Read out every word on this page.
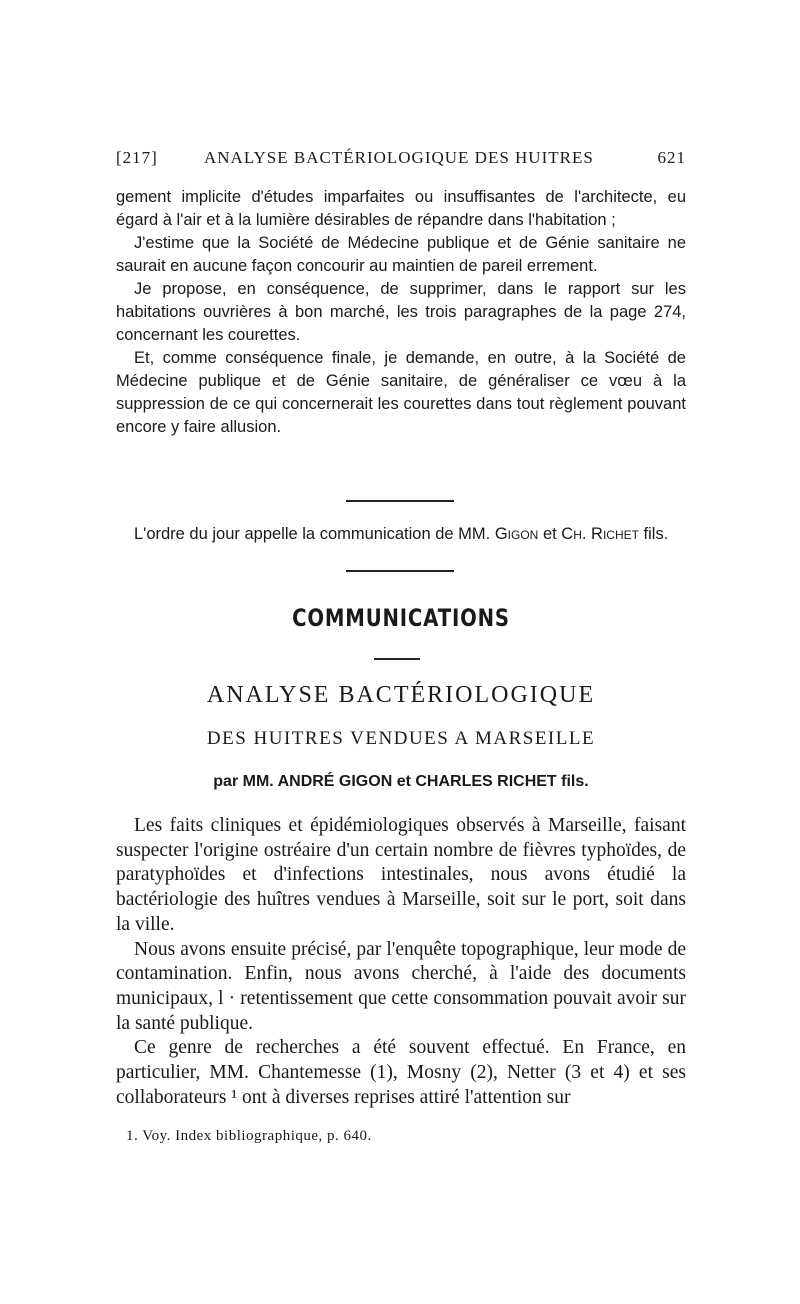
[217]	ANALYSE BACTÉRIOLOGIQUE DES HUITRES	621

gement implicite d'études imparfaites ou insuffisantes de l'architecte, eu égard à l'air et à la lumière désirables de répandre dans l'habitation ;

J'estime que la Société de Médecine publique et de Génie sanitaire ne saurait en aucune façon concourir au maintien de pareil errement.

Je propose, en conséquence, de supprimer, dans le rapport sur les habitations ouvrières à bon marché, les trois paragraphes de la page 274, concernant les courettes.

Et, comme conséquence finale, je demande, en outre, à la Société de Médecine publique et de Génie sanitaire, de généraliser ce vœu à la suppression de ce qui concernerait les courettes dans tout règlement pouvant encore y faire allusion.

L'ordre du jour appelle la communication de MM. Gigon et Ch. Richet fils.
COMMUNICATIONS
ANALYSE BACTÉRIOLOGIQUE
DES HUITRES VENDUES A MARSEILLE
par MM. ANDRÉ GIGON et CHARLES RICHET fils.

Les faits cliniques et épidémiologiques observés à Marseille, faisant suspecter l'origine ostréaire d'un certain nombre de fièvres typhoïdes, de paratyphoïdes et d'infections intestinales, nous avons étudié la bactériologie des huîtres vendues à Marseille, soit sur le port, soit dans la ville.

Nous avons ensuite précisé, par l'enquête topographique, leur mode de contamination. Enfin, nous avons cherché, à l'aide des documents municipaux, l · retentissement que cette consommation pouvait avoir sur la santé publique.

Ce genre de recherches a été souvent effectué. En France, en particulier, MM. Chantemesse (1), Mosny (2), Netter (3 et 4) et ses collaborateurs ¹ ont à diverses reprises attiré l'attention sur

1. Voy. Index bibliographique, p. 640.
